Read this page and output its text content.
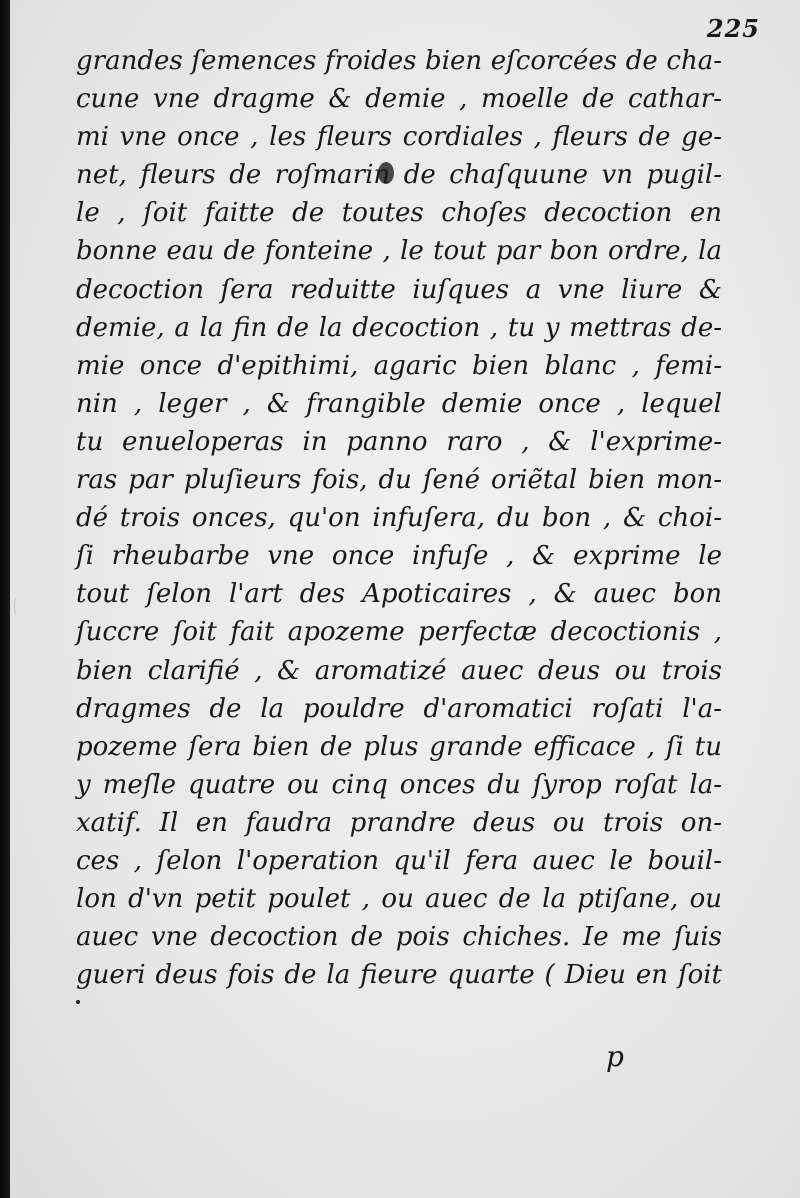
225
grandes ſemences froides bien eſcorcées de cha-
cune vne dragme & demie , moelle de cathar-
mi vne once , les fleurs cordiales , fleurs de ge-
net, fleurs de roſmarin de chaſquune vn pugil-
le , ſoit faitte de toutes choſes decoction en
bonne eau de fonteine , le tout par bon ordre, la
decoction ſera reduitte iuſques a vne liure &
demie, a la fin de la decoction , tu y mettras de-
mie once d'epithimi, agaric bien blanc , femi-
nin , leger , & frangible demie once , lequel
tu enueloperas in panno raro , & l'exprime-
ras par pluſieurs fois, du ſené oriẽtal bien mon-
dé trois onces, qu'on infuſera, du bon , & choi-
ſi rheubarbe vne once infuſe , & exprime le
tout ſelon l'art des Apoticaires , & auec bon
ſuccre ſoit fait apozeme perfectæ decoctionis ,
bien clarifié , & aromatizé auec deus ou trois
dragmes de la pouldre d'aromatici roſati l'a-
pozeme ſera bien de plus grande efficace , ſi tu
y meſle quatre ou cinq onces du ſyrop roſat la-
xatif. Il en faudra prandre deus ou trois on-
ces , ſelon l'operation qu'il fera auec le bouil-
lon d'vn petit poulet , ou auec de la ptiſane, ou
auec vne decoction de pois chiches. Ie me ſuis
gueri deus fois de la fieure quarte ( Dieu en ſoit
p
